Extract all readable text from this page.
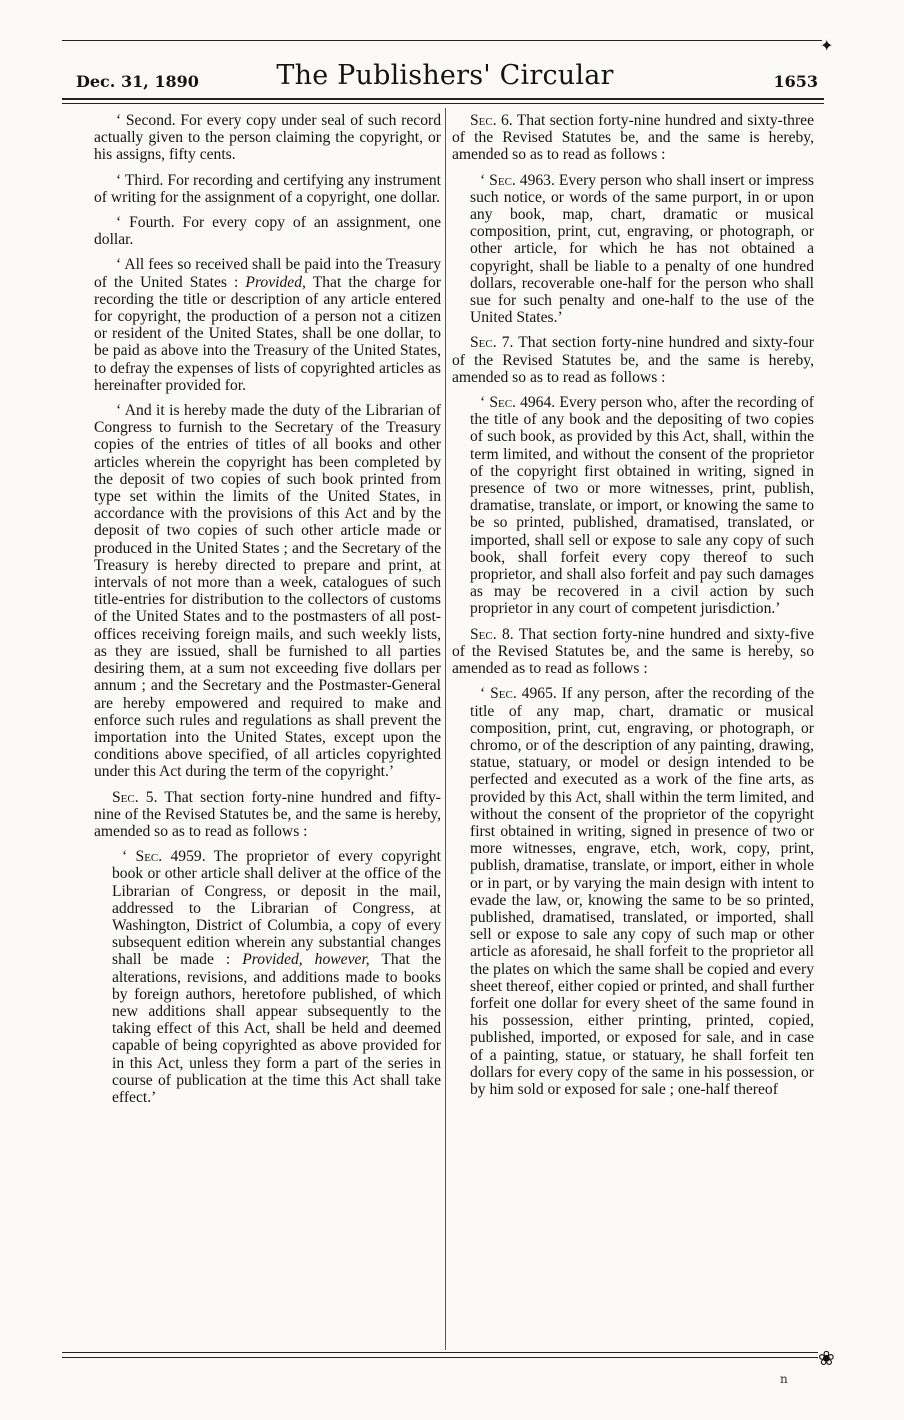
✦
Dec. 31, 1890	The Publishers' Circular	1653

‘ Second. For every copy under seal of such record actually given to the person claiming the copyright, or his assigns, fifty cents.

‘ Third. For recording and certifying any instrument of writing for the assignment of a copyright, one dollar.

‘ Fourth. For every copy of an assignment, one dollar.

‘ All fees so received shall be paid into the Treasury of the United States : Provided, That the charge for recording the title or description of any article entered for copyright, the production of a person not a citizen or resident of the United States, shall be one dollar, to be paid as above into the Treasury of the United States, to defray the expenses of lists of copyrighted articles as hereinafter provided for.

‘ And it is hereby made the duty of the Librarian of Congress to furnish to the Secretary of the Treasury copies of the entries of titles of all books and other articles wherein the copyright has been completed by the deposit of two copies of such book printed from type set within the limits of the United States, in accordance with the provisions of this Act and by the deposit of two copies of such other article made or produced in the United States ; and the Secretary of the Treasury is hereby directed to prepare and print, at intervals of not more than a week, catalogues of such title-entries for distribution to the collectors of customs of the United States and to the postmasters of all post-offices receiving foreign mails, and such weekly lists, as they are issued, shall be furnished to all parties desiring them, at a sum not exceeding five dollars per annum ; and the Secretary and the Postmaster-General are hereby empowered and required to make and enforce such rules and regulations as shall prevent the importation into the United States, except upon the conditions above specified, of all articles copyrighted under this Act during the term of the copyright.’

Sec. 5. That section forty-nine hundred and fifty-nine of the Revised Statutes be, and the same is hereby, amended so as to read as follows :

‘ Sec. 4959. The proprietor of every copyright book or other article shall deliver at the office of the Librarian of Congress, or deposit in the mail, addressed to the Librarian of Congress, at Washington, District of Columbia, a copy of every subsequent edition wherein any substantial changes shall be made : Provided, however, That the alterations, revisions, and additions made to books by foreign authors, heretofore published, of which new additions shall appear subsequently to the taking effect of this Act, shall be held and deemed capable of being copyrighted as above provided for in this Act, unless they form a part of the series in course of publication at the time this Act shall take effect.’

Sec. 6. That section forty-nine hundred and sixty-three of the Revised Statutes be, and the same is hereby, amended so as to read as follows :

‘ Sec. 4963. Every person who shall insert or impress such notice, or words of the same purport, in or upon any book, map, chart, dramatic or musical composition, print, cut, engraving, or photograph, or other article, for which he has not obtained a copyright, shall be liable to a penalty of one hundred dollars, recoverable one-half for the person who shall sue for such penalty and one-half to the use of the United States.’

Sec. 7. That section forty-nine hundred and sixty-four of the Revised Statutes be, and the same is hereby, amended so as to read as follows :

‘ Sec. 4964. Every person who, after the recording of the title of any book and the depositing of two copies of such book, as provided by this Act, shall, within the term limited, and without the consent of the proprietor of the copyright first obtained in writing, signed in presence of two or more witnesses, print, publish, dramatise, translate, or import, or knowing the same to be so printed, published, dramatised, translated, or imported, shall sell or expose to sale any copy of such book, shall forfeit every copy thereof to such proprietor, and shall also forfeit and pay such damages as may be recovered in a civil action by such proprietor in any court of competent jurisdiction.’

Sec. 8. That section forty-nine hundred and sixty-five of the Revised Statutes be, and the same is hereby, so amended as to read as follows :

‘ Sec. 4965. If any person, after the recording of the title of any map, chart, dramatic or musical composition, print, cut, engraving, or photograph, or chromo, or of the description of any painting, drawing, statue, statuary, or model or design intended to be perfected and executed as a work of the fine arts, as provided by this Act, shall within the term limited, and without the consent of the proprietor of the copyright first obtained in writing, signed in presence of two or more witnesses, engrave, etch, work, copy, print, publish, dramatise, translate, or import, either in whole or in part, or by varying the main design with intent to evade the law, or, knowing the same to be so printed, published, dramatised, translated, or imported, shall sell or expose to sale any copy of such map or other article as aforesaid, he shall forfeit to the proprietor all the plates on which the same shall be copied and every sheet thereof, either copied or printed, and shall further forfeit one dollar for every sheet of the same found in his possession, either printing, printed, copied, published, imported, or exposed for sale, and in case of a painting, statue, or statuary, he shall forfeit ten dollars for every copy of the same in his possession, or by him sold or exposed for sale ; one-half thereof

❀
n
